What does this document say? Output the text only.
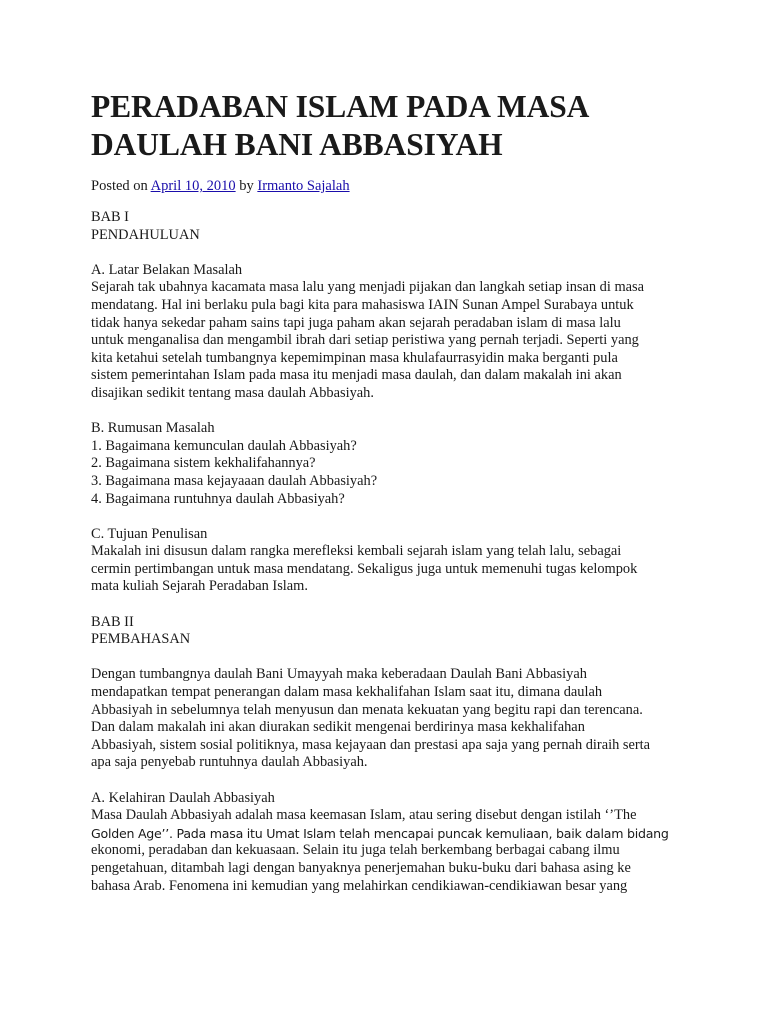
PERADABAN ISLAM PADA MASA
DAULAH BANI ABBASIYAH
Posted on April 10, 2010 by Irmanto Sajalah
BAB I
PENDAHULUAN
A. Latar Belakan Masalah
Sejarah tak ubahnya kacamata masa lalu yang menjadi pijakan dan langkah setiap insan di masa
mendatang. Hal ini berlaku pula bagi kita para mahasiswa IAIN Sunan Ampel Surabaya untuk
tidak hanya sekedar paham sains tapi juga paham akan sejarah peradaban islam di masa lalu
untuk menganalisa dan mengambil ibrah dari setiap peristiwa yang pernah terjadi. Seperti yang
kita ketahui setelah tumbangnya kepemimpinan masa khulafaurrasyidin maka berganti pula
sistem pemerintahan Islam pada masa itu menjadi masa daulah, dan dalam makalah ini akan
disajikan sedikit tentang masa daulah Abbasiyah.
B. Rumusan Masalah
1. Bagaimana kemunculan daulah Abbasiyah?
2. Bagaimana sistem kekhalifahannya?
3. Bagaimana masa kejayaaan daulah Abbasiyah?
4. Bagaimana runtuhnya daulah Abbasiyah?
C. Tujuan Penulisan
Makalah ini disusun dalam rangka merefleksi kembali sejarah islam yang telah lalu, sebagai
cermin pertimbangan untuk masa mendatang. Sekaligus juga untuk memenuhi tugas kelompok
mata kuliah Sejarah Peradaban Islam.
BAB II
PEMBAHASAN
Dengan tumbangnya daulah Bani Umayyah maka keberadaan Daulah Bani Abbasiyah
mendapatkan tempat penerangan dalam masa kekhalifahan Islam saat itu, dimana daulah
Abbasiyah in sebelumnya telah menyusun dan menata kekuatan yang begitu rapi dan terencana.
Dan dalam makalah ini akan diurakan sedikit mengenai berdirinya masa kekhalifahan
Abbasiyah, sistem sosial politiknya, masa kejayaan dan prestasi apa saja yang pernah diraih serta
apa saja penyebab runtuhnya daulah Abbasiyah.
A. Kelahiran Daulah Abbasiyah
Masa Daulah Abbasiyah adalah masa keemasan Islam, atau sering disebut dengan istilah ‘’The
Golden Age’’. Pada masa itu Umat Islam telah mencapai puncak kemuliaan, baik dalam bidang
ekonomi, peradaban dan kekuasaan. Selain itu juga telah berkembang berbagai cabang ilmu
pengetahuan, ditambah lagi dengan banyaknya penerjemahan buku-buku dari bahasa asing ke
bahasa Arab. Fenomena ini kemudian yang melahirkan cendikiawan-cendikiawan besar yang
